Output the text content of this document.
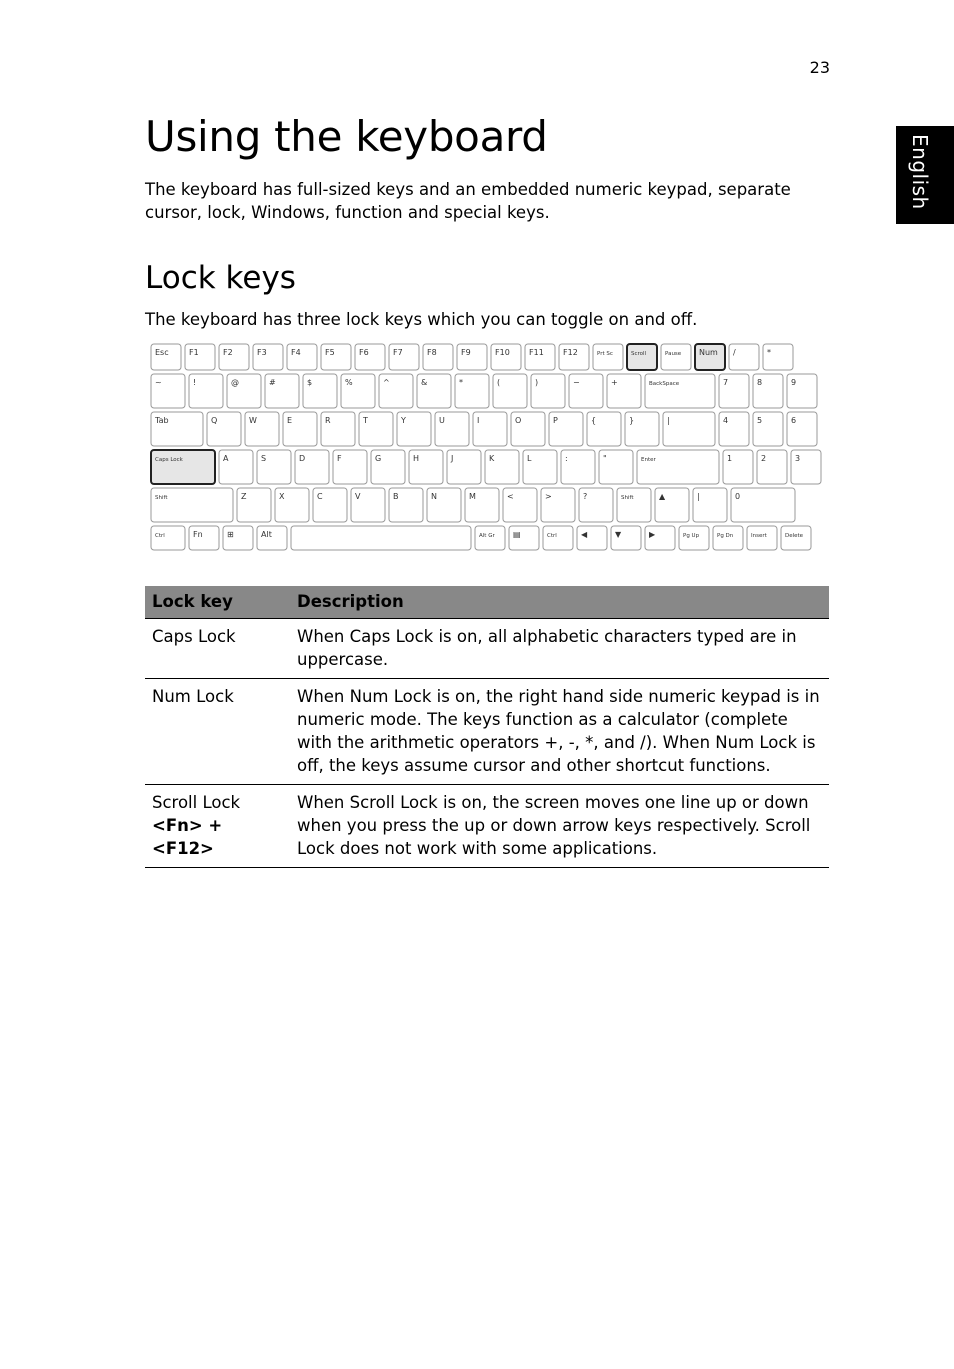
23
English
Using the keyboard

The keyboard has full-sized keys and an embedded numeric keypad, separate cursor, lock, Windows, function and special keys.

Lock keys

The keyboard has three lock keys which you can toggle on and off.

Esc	F1	F2	F3	F4	F5	F6	F7	F8	F9	F10 F11 F12	Prt Sc	Scroll	Pause Num /	*
~	!	@	#	$	%	^	&	*	(	)	−	+	BackSpace	7	8	9
Tab	Q	W	E	R	T	Y	U	I	O	P	{	}	|	4	5	6
Caps Lock	A	S	D	F	G	H	J	K	L	:	"	Enter	1	2	3
Shift	Z	X	C	V	B	N	M	<	>	?	Shift	▲	|	0
Ctrl	Fn	⊞	Alt	Alt Gr ▤	Ctrl	◀	▼	▶	Pg Up	Pg Dn	Insert	Delete
Lock key	Description
Caps Lock	When Caps Lock is on, all alphabetic characters typed are in uppercase.
Num Lock	When Num Lock is on, the right hand side numeric keypad is in numeric mode. The keys function as a calculator (complete with the arithmetic operators +, -, *, and /). When Num Lock is off, the keys assume cursor and other shortcut functions.
Scroll Lock
<Fn> + <F12>	When Scroll Lock is on, the screen moves one line up or down when you press the up or down arrow keys respectively. Scroll Lock does not work with some applications.
